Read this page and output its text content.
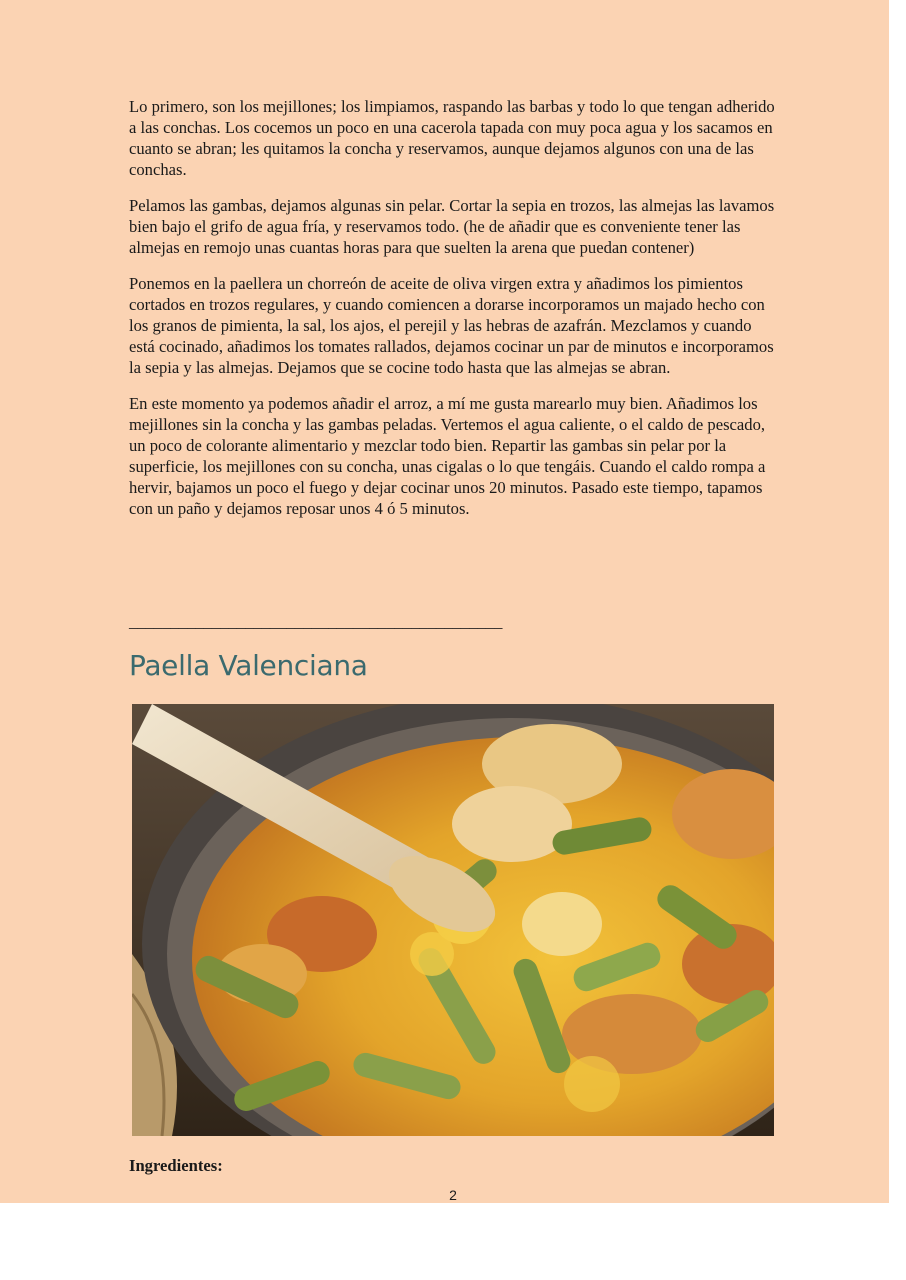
Lo primero, son los mejillones; los limpiamos, raspando las barbas y todo lo que tengan adherido a las conchas. Los cocemos un poco en una cacerola tapada con muy poca agua y los sacamos en cuanto se abran; les quitamos la concha y reservamos, aunque dejamos algunos con una de las conchas.

Pelamos las gambas, dejamos algunas sin pelar. Cortar la sepia en trozos, las almejas las lavamos bien bajo el grifo de agua fría, y reservamos todo. (he de añadir que es conveniente tener las almejas en remojo unas cuantas horas para que suelten la arena que puedan contener)

Ponemos en la paellera un chorreón de aceite de oliva virgen extra y añadimos los pimientos cortados en trozos regulares, y cuando comiencen a dorarse incorporamos un majado hecho con los granos de pimienta, la sal, los ajos, el perejil y las hebras de azafrán. Mezclamos y cuando está cocinado, añadimos los tomates rallados, dejamos cocinar un par de minutos e incorporamos la sepia y las almejas. Dejamos que se cocine todo hasta que las almejas se abran.

En este momento ya podemos añadir el arroz, a mí me gusta marearlo muy bien. Añadimos los mejillones sin la concha y las gambas peladas. Vertemos el agua caliente, o el caldo de pescado, un poco de colorante alimentario y mezclar todo bien. Repartir las gambas sin pelar por la superficie, los mejillones con su concha, unas cigalas o lo que tengáis. Cuando el caldo rompa a hervir, bajamos un poco el fuego y dejar cocinar unos 20 minutos. Pasado este tiempo, tapamos con un paño y dejamos reposar unos 4 ó 5 minutos.

_____________________________________________
Paella Valenciana
Ingredientes:
2
